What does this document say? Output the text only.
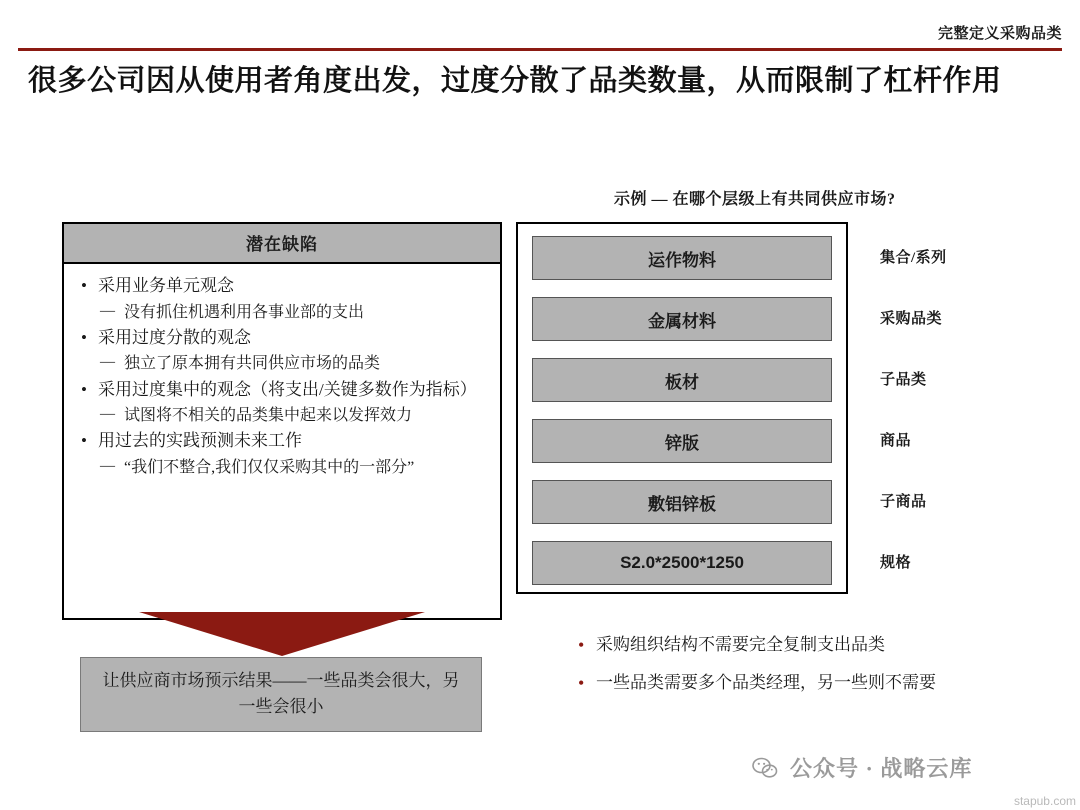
完整定义采购品类
很多公司因从使用者角度出发，过度分散了品类数量，从而限制了杠杆作用
潜在缺陷
• 采用业务单元观念
— 没有抓住机遇利用各事业部的支出
• 采用过度分散的观念
— 独立了原本拥有共同供应市场的品类
• 采用过度集中的观念（将支出/关键多数作为指标）
— 试图将不相关的品类集中起来以发挥效力
• 用过去的实践预测未来工作
— “我们不整合,我们仅仅采购其中的一部分”
让供应商市场预示结果——一些品类会很大，另一些会很小
示例 — 在哪个层级上有共同供应市场?
运作物料
金属材料
板材
锌版
敷铝锌板
S2.0*2500*1250
集合/系列
采购品类
子品类
商品
子商品
规格
• 采购组织结构不需要完全复制支出品类
• 一些品类需要多个品类经理，另一些则不需要
公众号 · 战略云库
stapub.com
